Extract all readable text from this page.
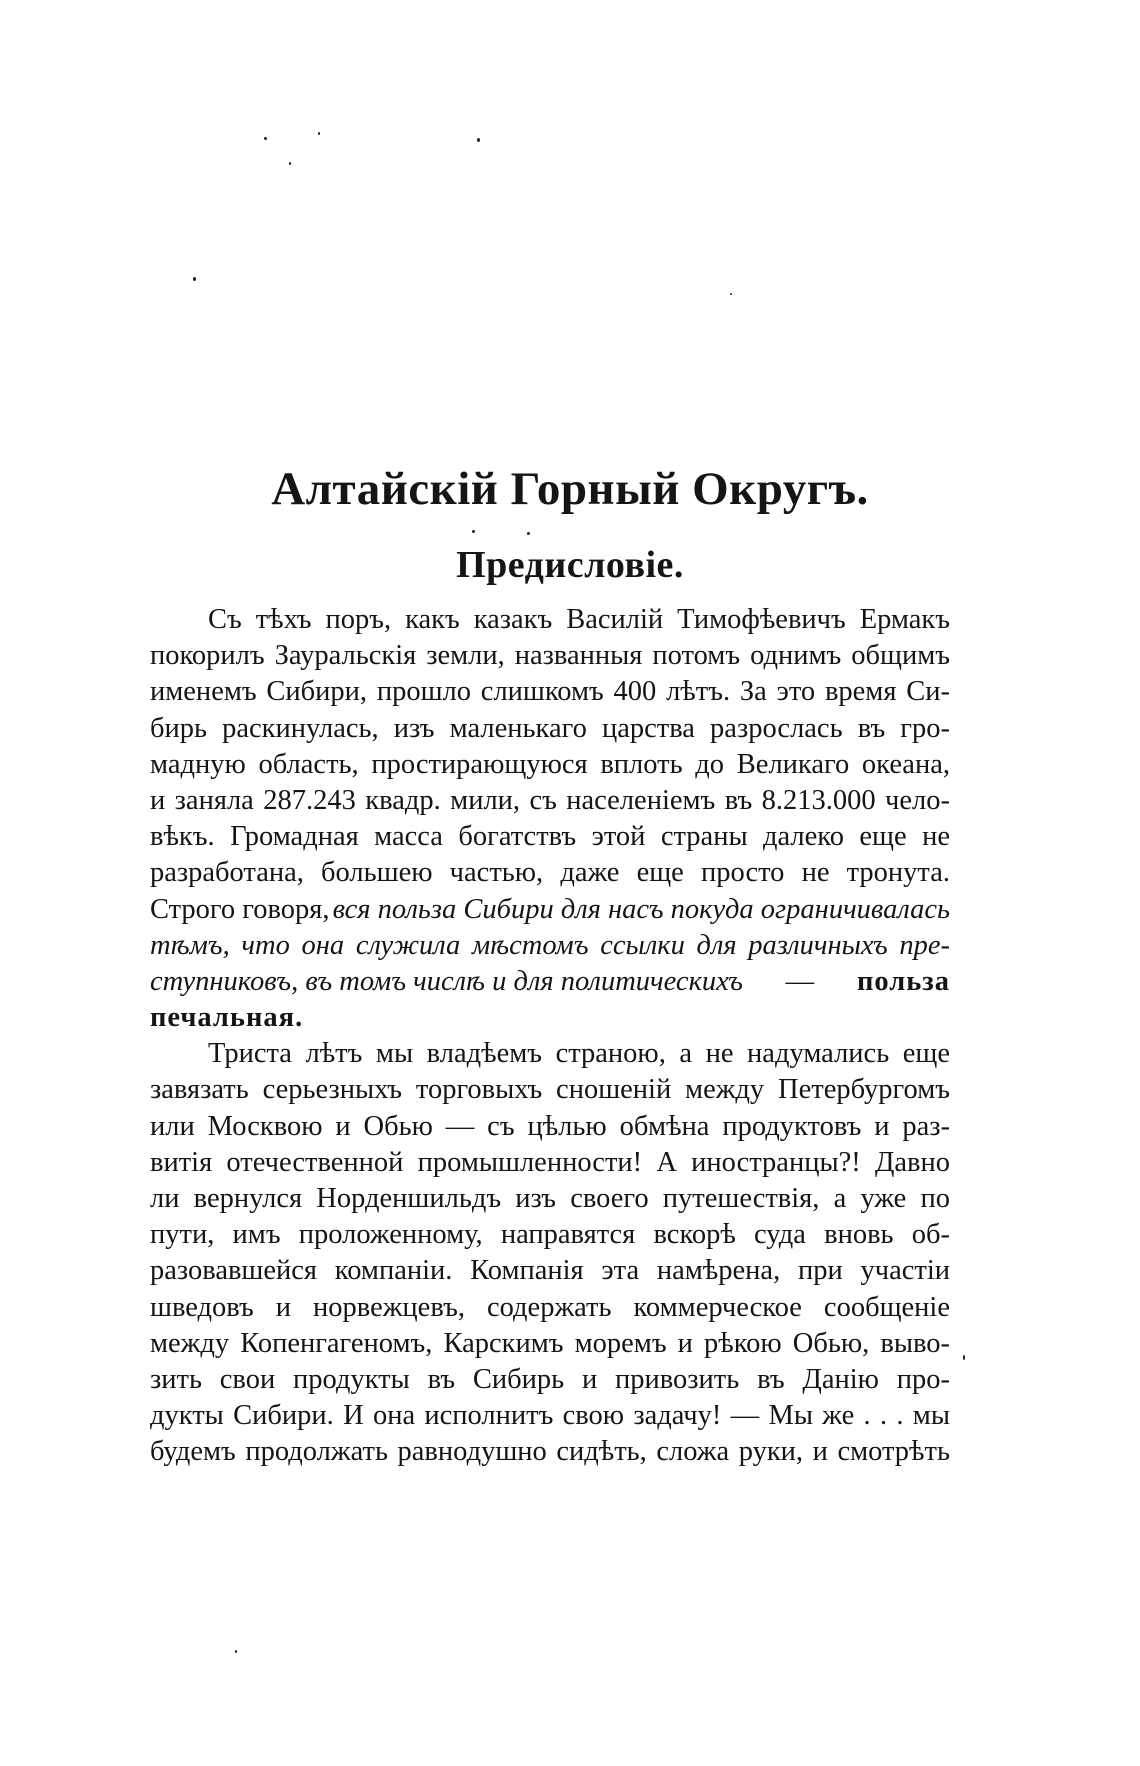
Алтайскій Горный Округъ.
Предисловіе.
Съ тѣхъ поръ, какъ казакъ Василій Тимофѣевичъ Ермакъ
покорилъ Зауральскія земли, названныя потомъ однимъ общимъ
именемъ Сибири, прошло слишкомъ 400 лѣтъ. За это время Си-
бирь раскинулась, изъ маленькаго царства разрослась въ гро-
мадную область, простирающуюся вплоть до Великаго океана,
и заняла 287.243 квадр. мили, съ населеніемъ въ 8.213.000 чело-
вѣкъ. Громадная масса богатствъ этой страны далеко еще не
разработана, большею частью, даже еще просто не тронута.
Строго говоря, вся польза Сибири для насъ покуда ограничивалась
тѣмъ, что она служила мѣстомъ ссылки для различныхъ пре-
ступниковъ, въ томъ числѣ и для политическихъ — польза
печальная.
Триста лѣтъ мы владѣемъ страною, а не надумались еще
завязать серьезныхъ торговыхъ сношеній между Петербургомъ
или Москвою и Обью — съ цѣлью обмѣна продуктовъ и раз-
витія отечественной промышленности! А иностранцы?! Давно
ли вернулся Норденшильдъ изъ своего путешествія, а уже по
пути, имъ проложенному, направятся вскорѣ суда вновь об-
разовавшейся компаніи. Компанія эта намѣрена, при участіи
шведовъ и норвежцевъ, содержать коммерческое сообщеніе
между Копенгагеномъ, Карскимъ моремъ и рѣкою Обью, выво-
зить свои продукты въ Сибирь и привозить въ Данію про-
дукты Сибири. И она исполнитъ свою задачу! — Мы же . . . мы
будемъ продолжать равнодушно сидѣть, сложа руки, и смотрѣть
